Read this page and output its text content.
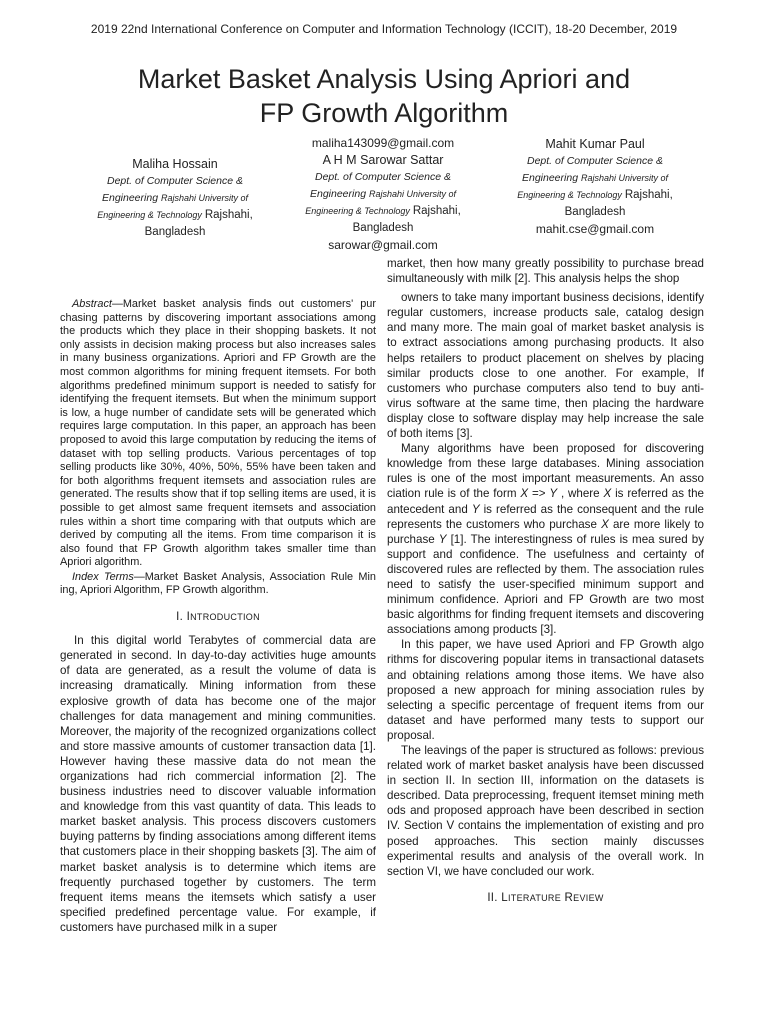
2019 22nd International Conference on Computer and Information Technology (ICCIT), 18-20 December, 2019
Market Basket Analysis Using Apriori and
FP Growth Algorithm
Maliha Hossain
Dept. of Computer Science &
Engineering Rajshahi University of
Engineering & Technology Rajshahi,
Bangladesh
maliha143099@gmail.com
A H M Sarowar Sattar
Dept. of Computer Science &
Engineering Rajshahi University of
Engineering & Technology Rajshahi,
Bangladesh
sarowar@gmail.com
Mahit Kumar Paul
Dept. of Computer Science &
Engineering Rajshahi University of
Engineering & Technology Rajshahi,
Bangladesh
mahit.cse@gmail.com

Abstract—Market basket analysis finds out customers' pur chasing patterns by discovering important associations among the products which they place in their shopping baskets. It not only assists in decision making process but also increases sales in many business organizations. Apriori and FP Growth are the most common algorithms for mining frequent itemsets. For both algorithms predefined minimum support is needed to satisfy for identifying the frequent itemsets. But when the minimum support is low, a huge number of candidate sets will be generated which requires large computation. In this paper, an approach has been proposed to avoid this large computation by reducing the items of dataset with top selling products. Various percentages of top selling products like 30%, 40%, 50%, 55% have been taken and for both algorithms frequent itemsets and association rules are generated. The results show that if top selling items are used, it is possible to get almost same frequent itemsets and association rules within a short time comparing with that outputs which are derived by computing all the items. From time comparison it is also found that FP Growth algorithm takes smaller time than Apriori algorithm.

Index Terms—Market Basket Analysis, Association Rule Min ing, Apriori Algorithm, FP Growth algorithm.

I. INTRODUCTION

In this digital world Terabytes of commercial data are generated in second. In day-to-day activities huge amounts of data are generated, as a result the volume of data is increasing dramatically. Mining information from these explosive growth of data has become one of the major challenges for data management and mining communities. Moreover, the majority of the recognized organizations collect and store massive amounts of customer transaction data [1]. However having these massive data do not mean the organizations had rich commercial information [2]. The business industries need to discover valuable information and knowledge from this vast quantity of data. This leads to market basket analysis. This process discovers customers buying patterns by finding associations among different items that customers place in their shopping baskets [3]. The aim of market basket analysis is to determine which items are frequently purchased together by customers. The term frequent items means the itemsets which satisfy a user specified predefined percentage value. For example, if customers have purchased milk in a super

market, then how many greatly possibility to purchase bread simultaneously with milk [2]. This analysis helps the shop

owners to take many important business decisions, identify regular customers, increase products sale, catalog design and many more. The main goal of market basket analysis is to extract associations among purchasing products. It also helps retailers to product placement on shelves by placing similar products close to one another. For example, If customers who purchase computers also tend to buy anti-virus software at the same time, then placing the hardware display close to software display may help increase the sale of both items [3].

Many algorithms have been proposed for discovering knowledge from these large databases. Mining association rules is one of the most important measurements. An asso ciation rule is of the form X => Y , where X is referred as the antecedent and Y is referred as the consequent and the rule represents the customers who purchase X are more likely to purchase Y [1]. The interestingness of rules is mea sured by support and confidence. The usefulness and certainty of discovered rules are reflected by them. The association rules need to satisfy the user-specified minimum support and minimum confidence. Apriori and FP Growth are two most basic algorithms for finding frequent itemsets and discovering associations among products [3].

In this paper, we have used Apriori and FP Growth algo rithms for discovering popular items in transactional datasets and obtaining relations among those items. We have also proposed a new approach for mining association rules by selecting a specific percentage of frequent items from our dataset and have performed many tests to support our proposal.

The leavings of the paper is structured as follows: previous related work of market basket analysis have been discussed in section II. In section III, information on the datasets is described. Data preprocessing, frequent itemset mining meth ods and proposed approach have been described in section IV. Section V contains the implementation of existing and pro posed approaches. This section mainly discusses experimental results and analysis of the overall work. In section VI, we have concluded our work.

II. LITERATURE REVIEW
